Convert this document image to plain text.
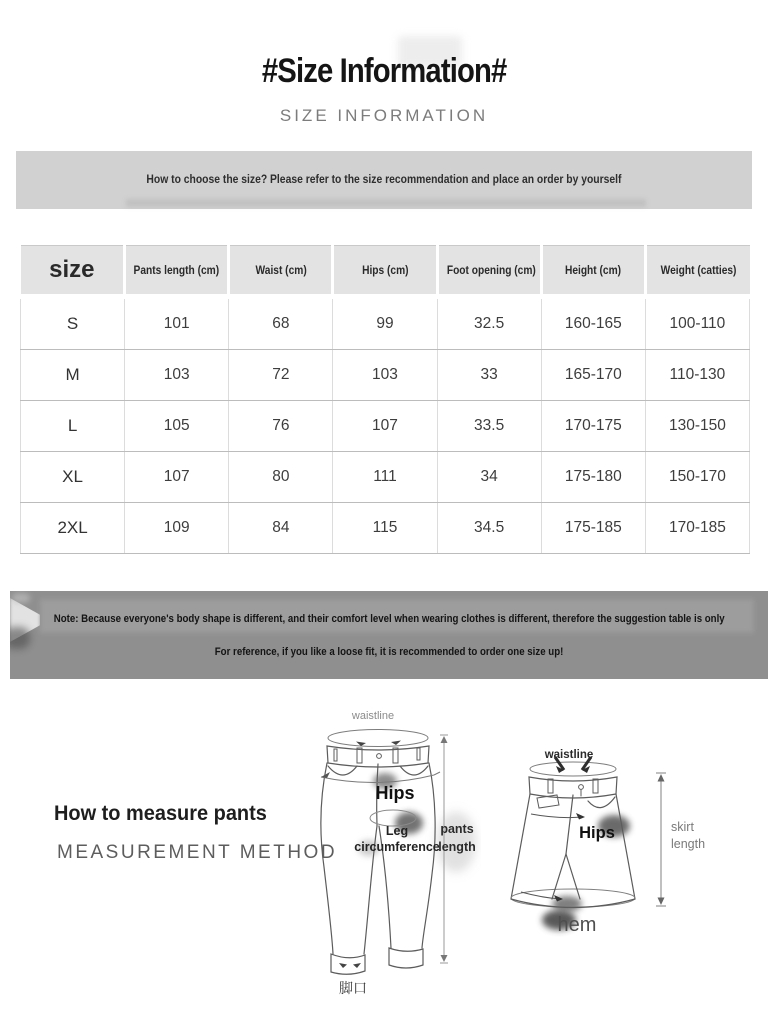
#Size Information#
SIZE INFORMATION
How to choose the size? Please refer to the size recommendation and place an order by yourself
size	Pants length (cm)	Waist (cm)	Hips (cm)	Foot opening (cm)	Height (cm)	Weight (catties)
S	101	68	99	32.5	160-165	100-110
M	103	72	103	33	165-170	110-130
L	105	76	107	33.5	170-175	130-150
XL	107	80	111	34	175-180	150-170
2XL	109	84	115	34.5	175-185	170-185

Note: Because everyone's body shape is different, and their comfort level when wearing clothes is different, therefore the suggestion table is only

For reference, if you like a loose fit, it is recommended to order one size up!

How to measure pants
MEASUREMENT METHOD
waistline
Hips
Leg
circumference
pants
length
脚口
waistline
Hips
hem
skirt
length
